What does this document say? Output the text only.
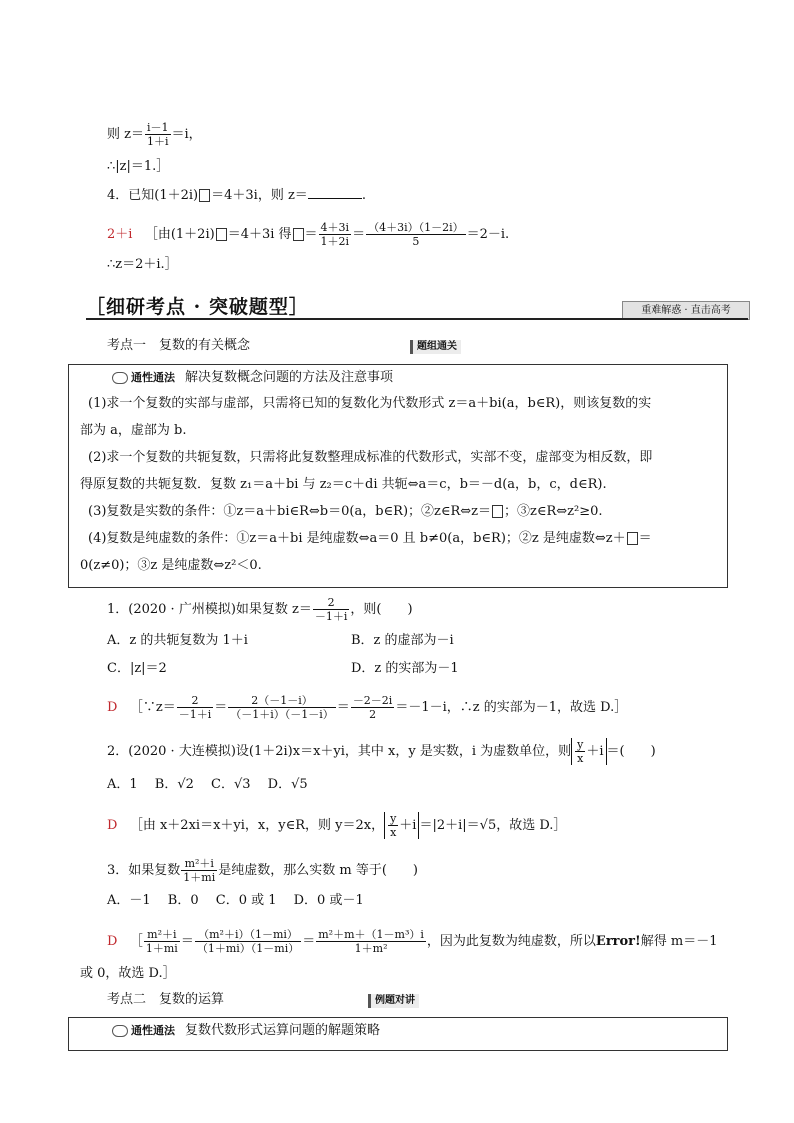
则 $z= \frac{i-1}{1+i} =i$，
∴|z|＝1.］
4．已知(1＋2i) ＝4＋3i，则 z＝	.
2＋i ［由(1＋2i) ＝4＋3i 得 ＝ $\frac{4+3i}{1+2i} = \frac{(4+3i)(1-2i)}{5} =2-i$.
∴z＝2＋i.］
［细研考点 · 突破题型］	重难解惑 · 直击高考
考点一　复数的有关概念	题组通关
通性通法 解决复数概念问题的方法及注意事项
(1)求一个复数的实部与虚部，只需将已知的复数化为代数形式 z＝a＋bi(a，b∈R)，则该复数的实
部为 a，虚部为 b.
(2)求一个复数的共轭复数，只需将此复数整理成标准的代数形式，实部不变，虚部变为相反数，即
得原复数的共轭复数．复数 z₁＝a＋bi 与 z₂＝c＋di 共轭⇔a＝c，b＝－d(a，b，c，d∈R).
(3)复数是实数的条件：①z＝a＋bi∈R⇔b＝0(a，b∈R)；②z∈R⇔z＝ ；③z∈R⇔z²≥0.
(4)复数是纯虚数的条件：①z＝a＋bi 是纯虚数⇔a＝0 且 b≠0(a，b∈R)；②z 是纯虚数⇔z＋ ＝
0(z≠0)；③z 是纯虚数⇔z²＜0.
1．(2020 · 广州模拟)如果复数 $z= \frac{2}{-1+i}$ ，则(　　)
A．z 的共轭复数为 1＋i	B．z 的虚部为－i
C．|z|＝2	D．z 的实部为－1
D ［∵z＝ $\frac{2}{-1+i} = \frac{2(-1-i)}{(-1+i)(-1-i)} = \frac{-2-2i}{2} =-1-i$，∴z 的实部为－1，故选 D.］
2．(2020 · 大连模拟)设(1＋2i)x＝x＋yi，其中 x，y 是实数，i 为虚数单位，则 $\frac{y}{x} +i$ ＝(　　)
A．1　 B．√2　 C．√3　 D．√5
D ［由 x＋2xi＝x＋yi，x，y∈R，则 y＝2x， $\frac{y}{x} +i =|2+i|=√5$，故选 D.］
3．如果复数 $\frac{\text{m²＋i}}{1+mi}$ 是纯虚数，那么实数 m 等于(　　)
A．－1　 B．0　 C．0 或 1　 D．0 或－1
D ［ $\frac{\text{m²＋i}}{1+mi} = \frac{\text{（m²＋i）（1－mi）}}{(1+mi)(1-mi)} = \frac{\text{m²＋m＋（1－m³）i}}{\text{1＋m²}}$ ，因为此复数为纯虚数，所以Error!解得 m＝－1
或 0，故选 D.］
考点二　复数的运算	例题对讲
通性通法 复数代数形式运算问题的解题策略
